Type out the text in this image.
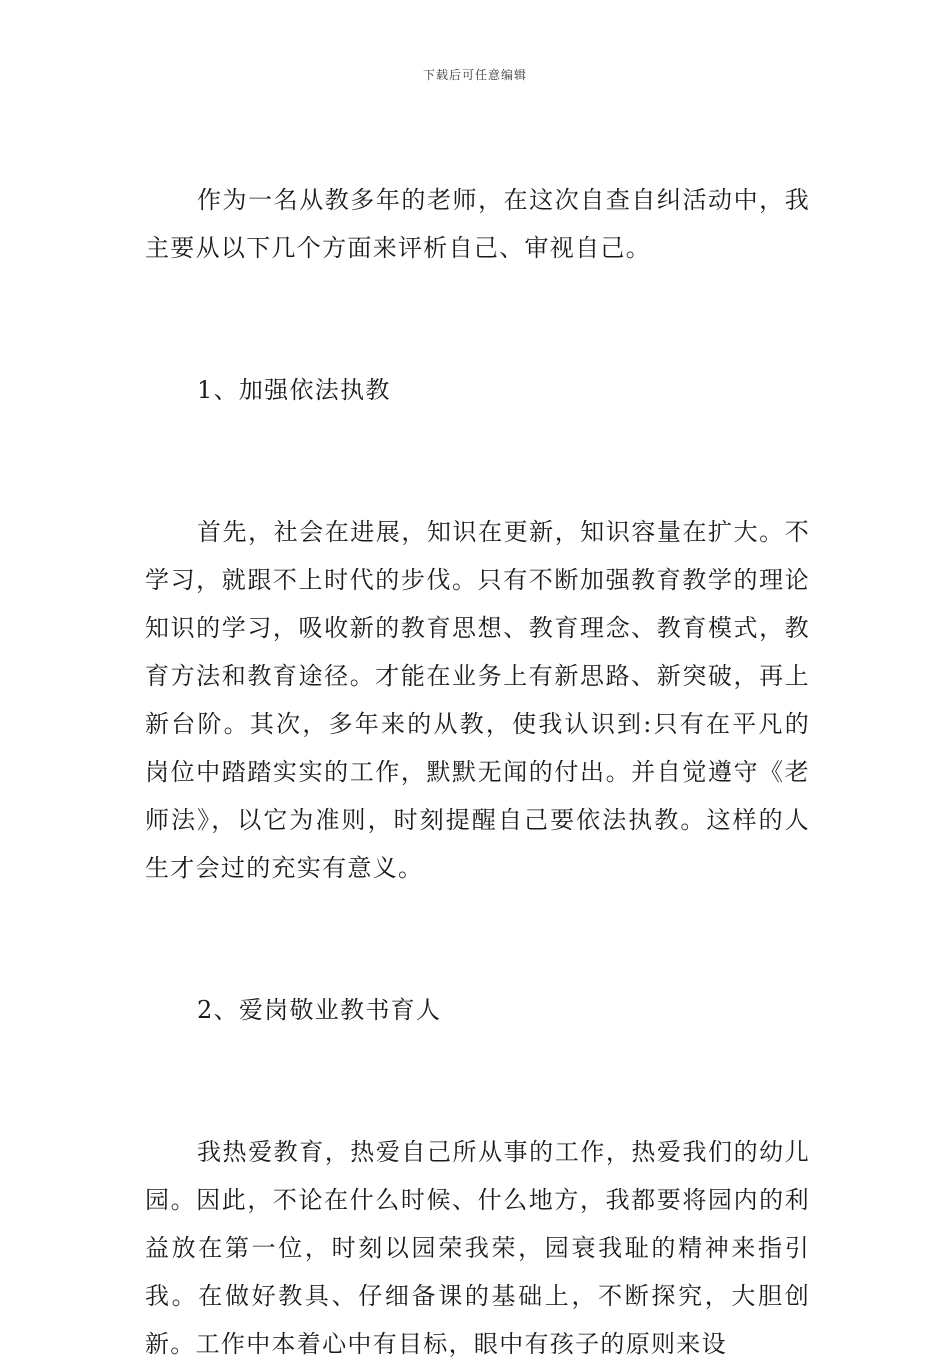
下载后可任意编辑

作为一名从教多年的老师，在这次自查自纠活动中，我主要从以下几个方面来评析自己、审视自己。

1、加强依法执教

首先，社会在进展，知识在更新，知识容量在扩大。不学习，就跟不上时代的步伐。只有不断加强教育教学的理论知识的学习，吸收新的教育思想、教育理念、教育模式，教育方法和教育途径。才能在业务上有新思路、新突破，再上新台阶。其次，多年来的从教，使我认识到:只有在平凡的岗位中踏踏实实的工作，默默无闻的付出。并自觉遵守《老师法》，以它为准则，时刻提醒自己要依法执教。这样的人生才会过的充实有意义。

2、爱岗敬业教书育人

我热爱教育，热爱自己所从事的工作，热爱我们的幼儿园。因此，不论在什么时候、什么地方，我都要将园内的利益放在第一位，时刻以园荣我荣，园衰我耻的精神来指引我。在做好教具、仔细备课的基础上，不断探究，大胆创新。工作中本着心中有目标，眼中有孩子的原则来设
